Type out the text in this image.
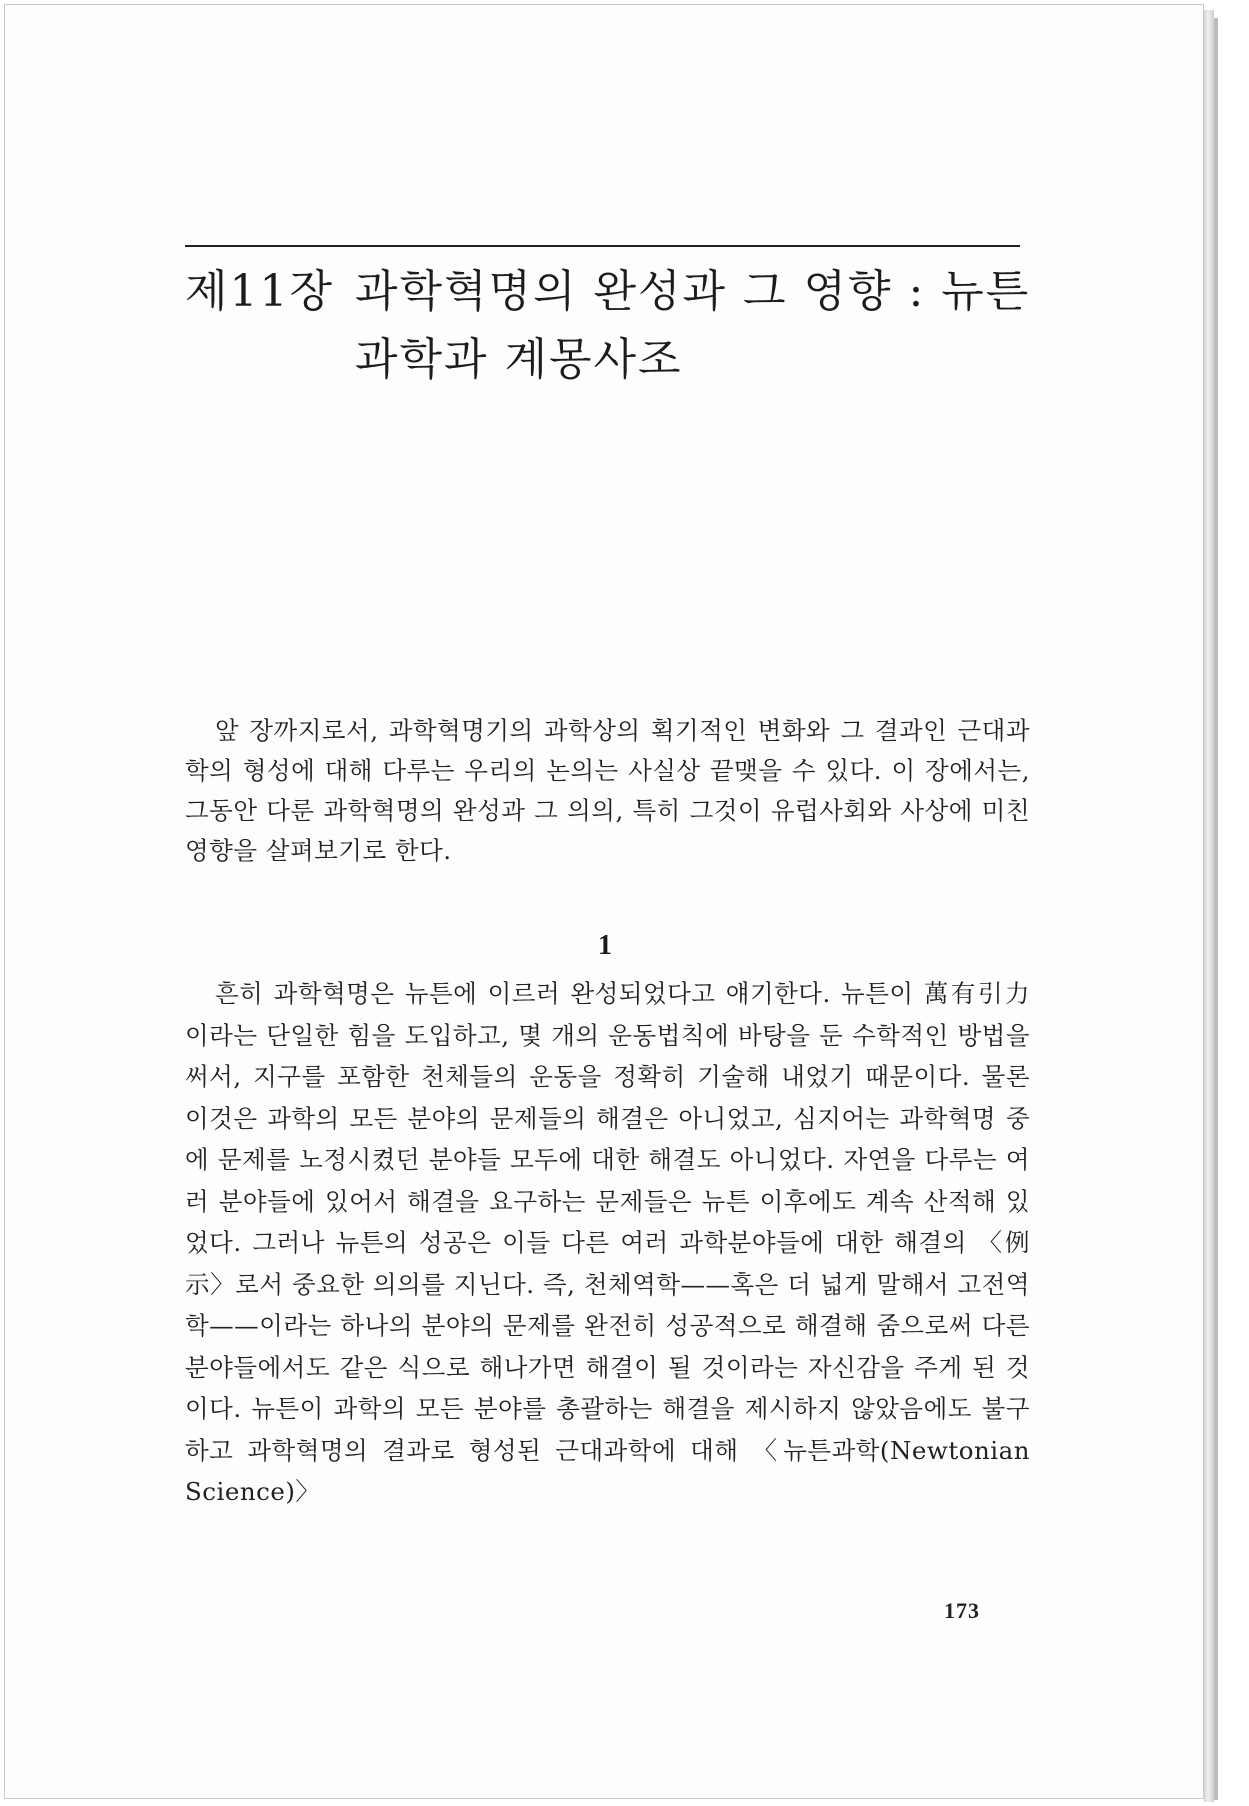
제11장 과학혁명의 완성과 그 영향 : 뉴튼
과학과 계몽사조

앞 장까지로서, 과학혁명기의 과학상의 획기적인 변화와 그 결과인 근대과학의 형성에 대해 다루는 우리의 논의는 사실상 끝맺을 수 있다. 이 장에서는, 그동안 다룬 과학혁명의 완성과 그 의의, 특히 그것이 유럽사회와 사상에 미친 영향을 살펴보기로 한다.

1

흔히 과학혁명은 뉴튼에 이르러 완성되었다고 얘기한다. 뉴튼이 萬有引力이라는 단일한 힘을 도입하고, 몇 개의 운동법칙에 바탕을 둔 수학적인 방법을 써서, 지구를 포함한 천체들의 운동을 정확히 기술해 내었기 때문이다. 물론 이것은 과학의 모든 분야의 문제들의 해결은 아니었고, 심지어는 과학혁명 중에 문제를 노정시켰던 분야들 모두에 대한 해결도 아니었다. 자연을 다루는 여러 분야들에 있어서 해결을 요구하는 문제들은 뉴튼 이후에도 계속 산적해 있었다. 그러나 뉴튼의 성공은 이들 다른 여러 과학분야들에 대한 해결의 〈例示〉로서 중요한 의의를 지닌다. 즉, 천체역학——혹은 더 넓게 말해서 고전역학——이라는 하나의 분야의 문제를 완전히 성공적으로 해결해 줌으로써 다른 분야들에서도 같은 식으로 해나가면 해결이 될 것이라는 자신감을 주게 된 것이다. 뉴튼이 과학의 모든 분야를 총괄하는 해결을 제시하지 않았음에도 불구하고 과학혁명의 결과로 형성된 근대과학에 대해 〈뉴튼과학(Newtonian Science)〉

173
